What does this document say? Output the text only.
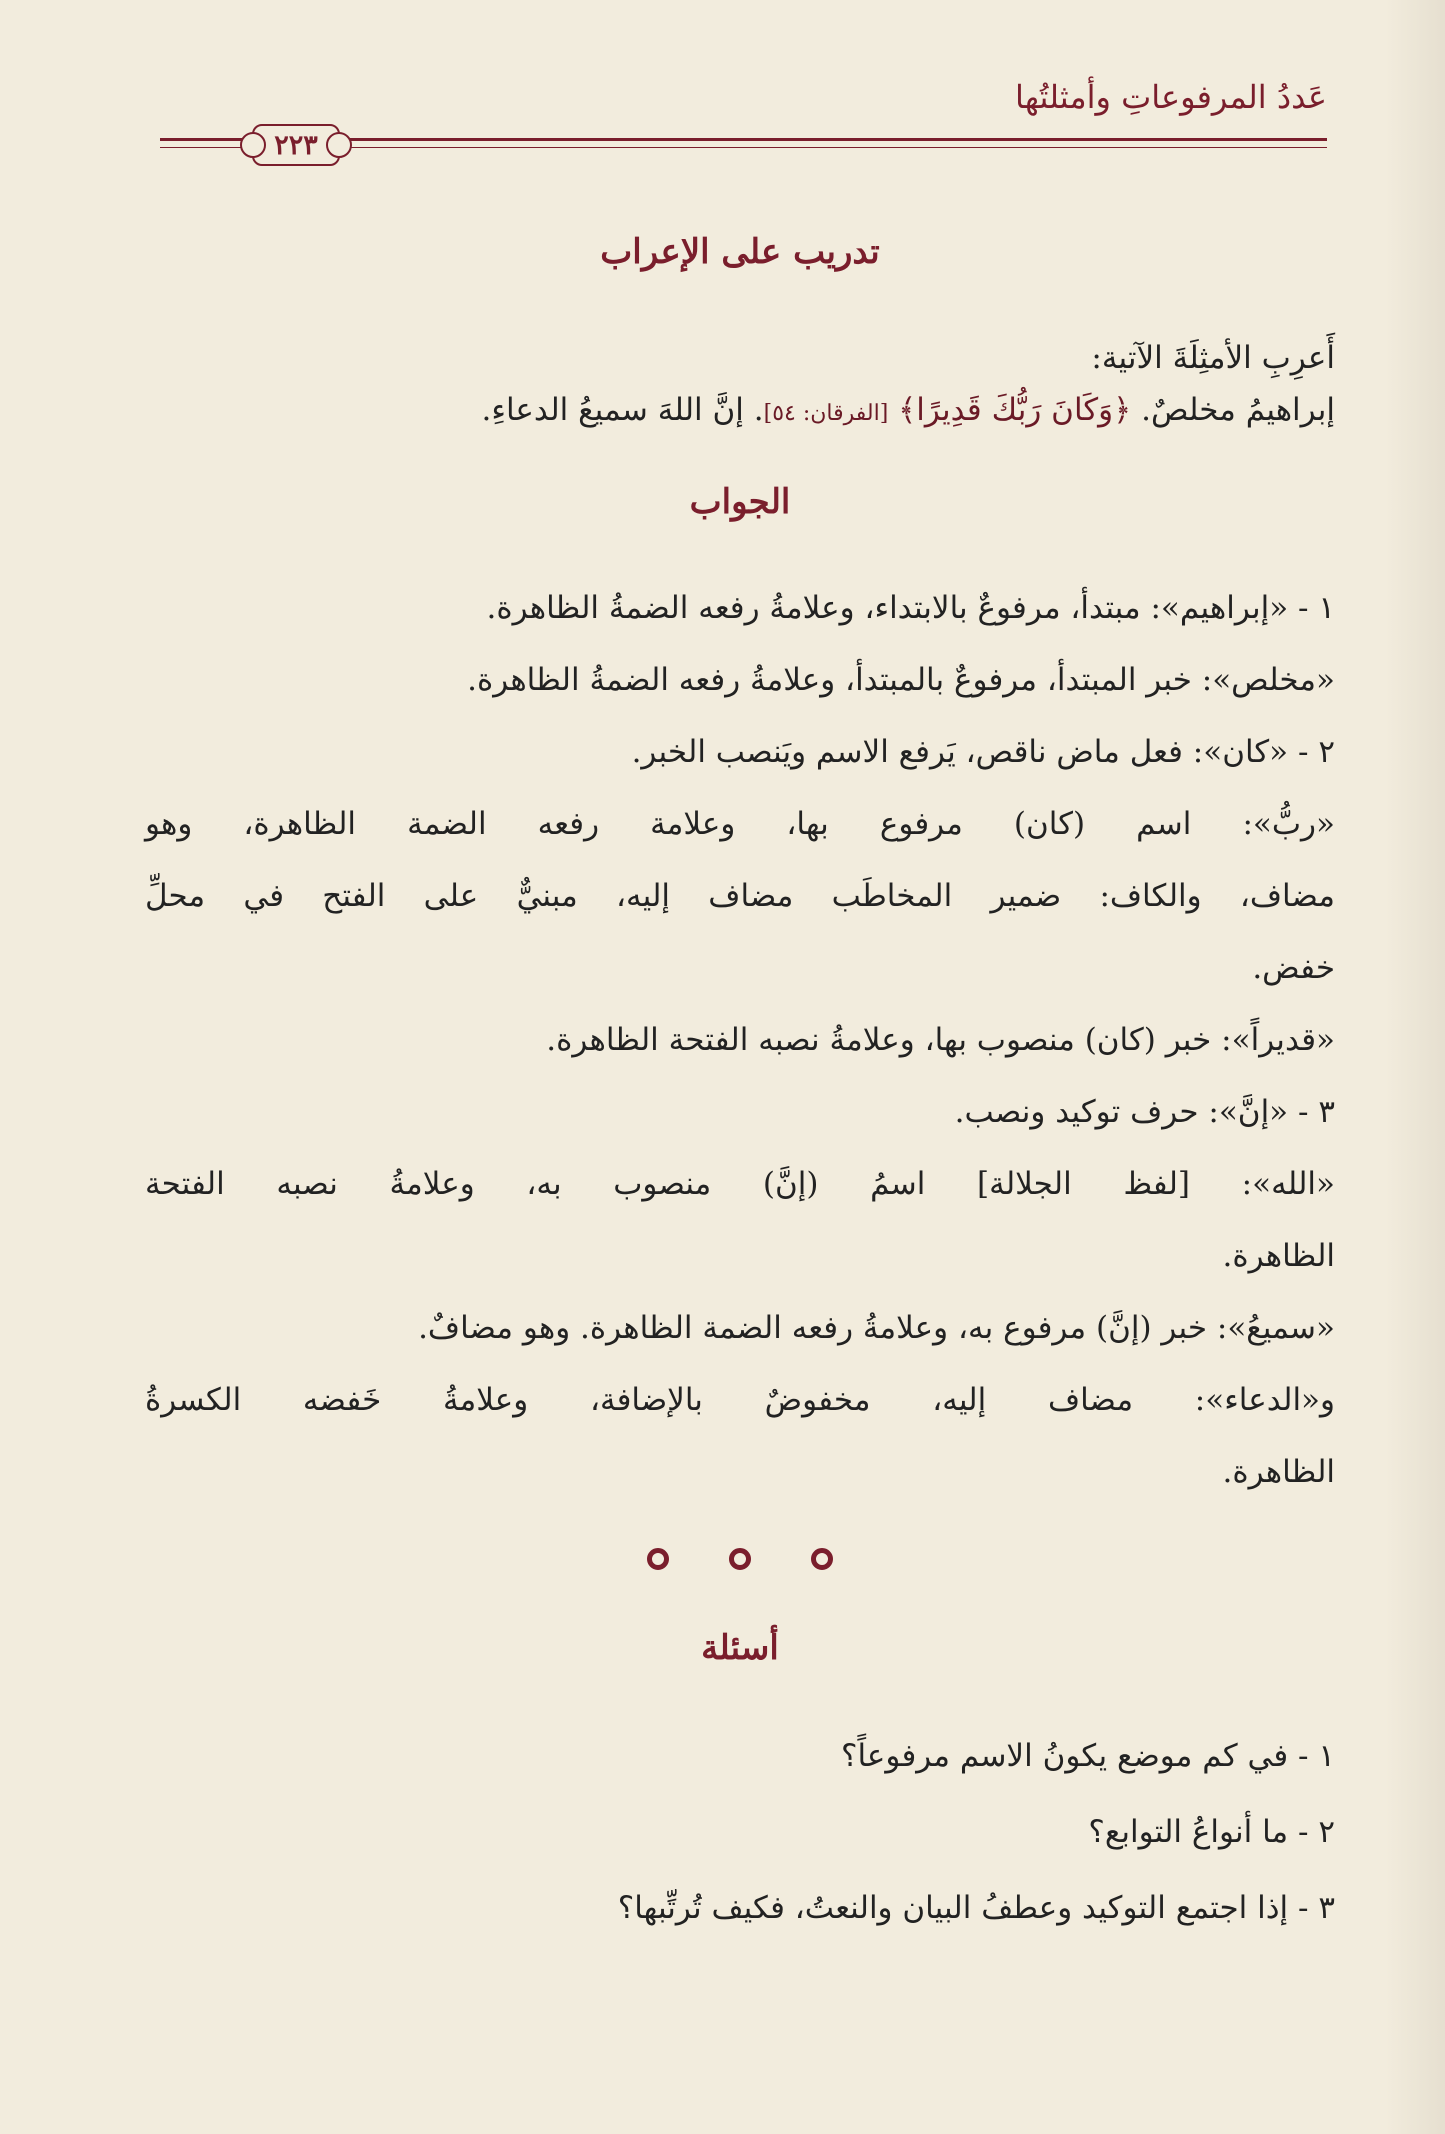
عَددُ المرفوعاتِ وأمثلتُها
٢٢٣
تدريب على الإعراب
أَعرِبِ الأمثِلَةَ الآتية:
إبراهيمُ مخلصٌ. ﴿وَكَانَ رَبُّكَ قَدِيرًا﴾ [الفرقان: ٥٤]. إنَّ اللهَ سميعُ الدعاءِ.
الجواب
١ - «إبراهيم»: مبتدأ، مرفوعٌ بالابتداء، وعلامةُ رفعه الضمةُ الظاهرة.
«مخلص»: خبر المبتدأ، مرفوعٌ بالمبتدأ، وعلامةُ رفعه الضمةُ الظاهرة.
٢ - «كان»: فعل ماض ناقص، يَرفع الاسم ويَنصب الخبر.
«ربُّ»: اسم (كان) مرفوع بها، وعلامة رفعه الضمة الظاهرة، وهو
مضاف، والكاف: ضمير المخاطَب مضاف إليه، مبنيٌّ على الفتح في محلِّ
خفض.
«قديراً»: خبر (كان) منصوب بها، وعلامةُ نصبه الفتحة الظاهرة.
٣ - «إنَّ»: حرف توكيد ونصب.
«الله»: [لفظ الجلالة] اسمُ (إنَّ) منصوب به، وعلامةُ نصبه الفتحة
الظاهرة.
«سميعُ»: خبر (إنَّ) مرفوع به، وعلامةُ رفعه الضمة الظاهرة. وهو مضافٌ.
و«الدعاء»: مضاف إليه، مخفوضٌ بالإضافة، وعلامةُ خَفضه الكسرةُ
الظاهرة.
أسئلة
١ - في كم موضع يكونُ الاسم مرفوعاً؟
٢ - ما أنواعُ التوابع؟
٣ - إذا اجتمع التوكيد وعطفُ البيان والنعتُ، فكيف تُرتِّبها؟
